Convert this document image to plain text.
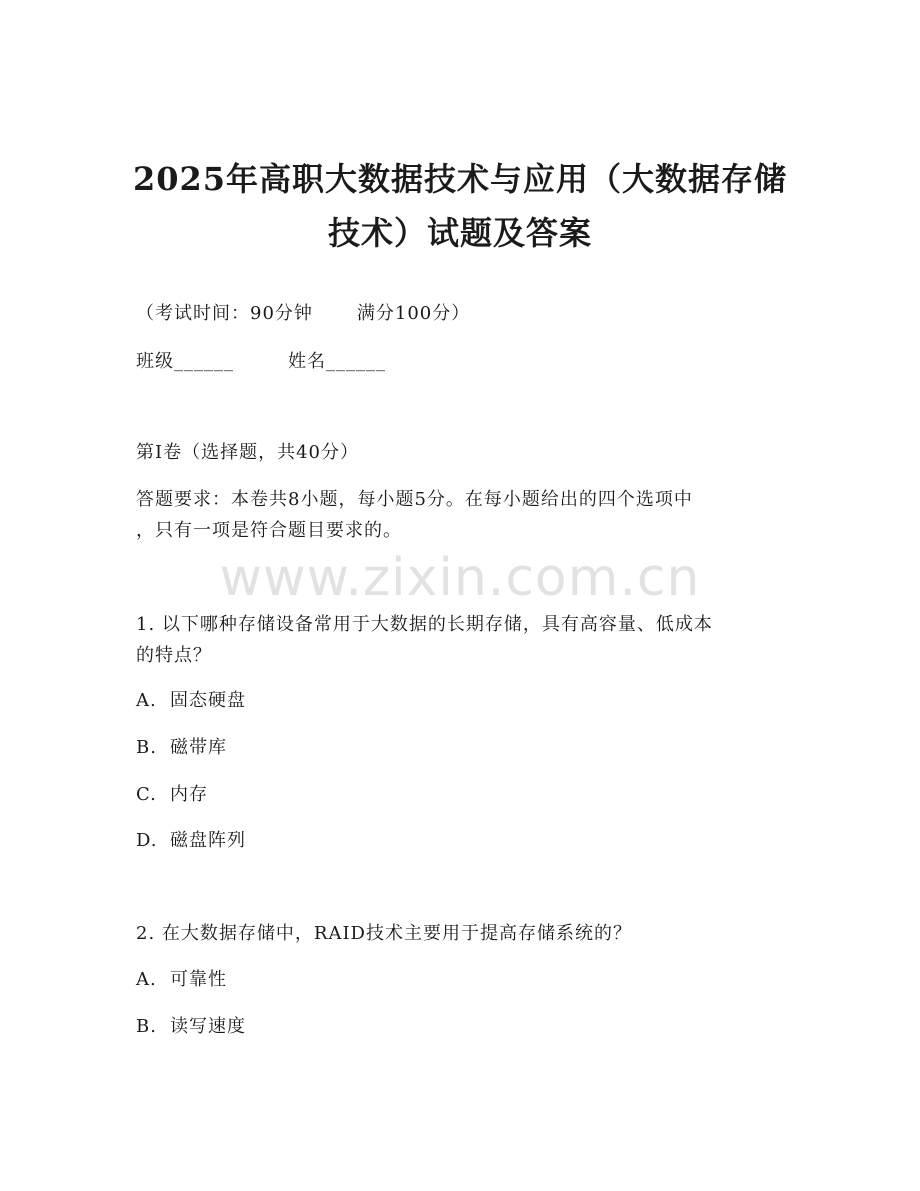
2025年高职大数据技术与应用（大数据存储
技术）试题及答案
（考试时间：90分钟 满分100分）
班级______	姓名______
第I卷（选择题，共40分）
答题要求：本卷共8小题，每小题5分。在每小题给出的四个选项中
，只有一项是符合题目要求的。
www.zixin.com.cn
1. 以下哪种存储设备常用于大数据的长期存储，具有高容量、低成本
的特点？
A. 固态硬盘
B. 磁带库
C. 内存
D. 磁盘阵列
2. 在大数据存储中，RAID技术主要用于提高存储系统的？
A. 可靠性
B. 读写速度
